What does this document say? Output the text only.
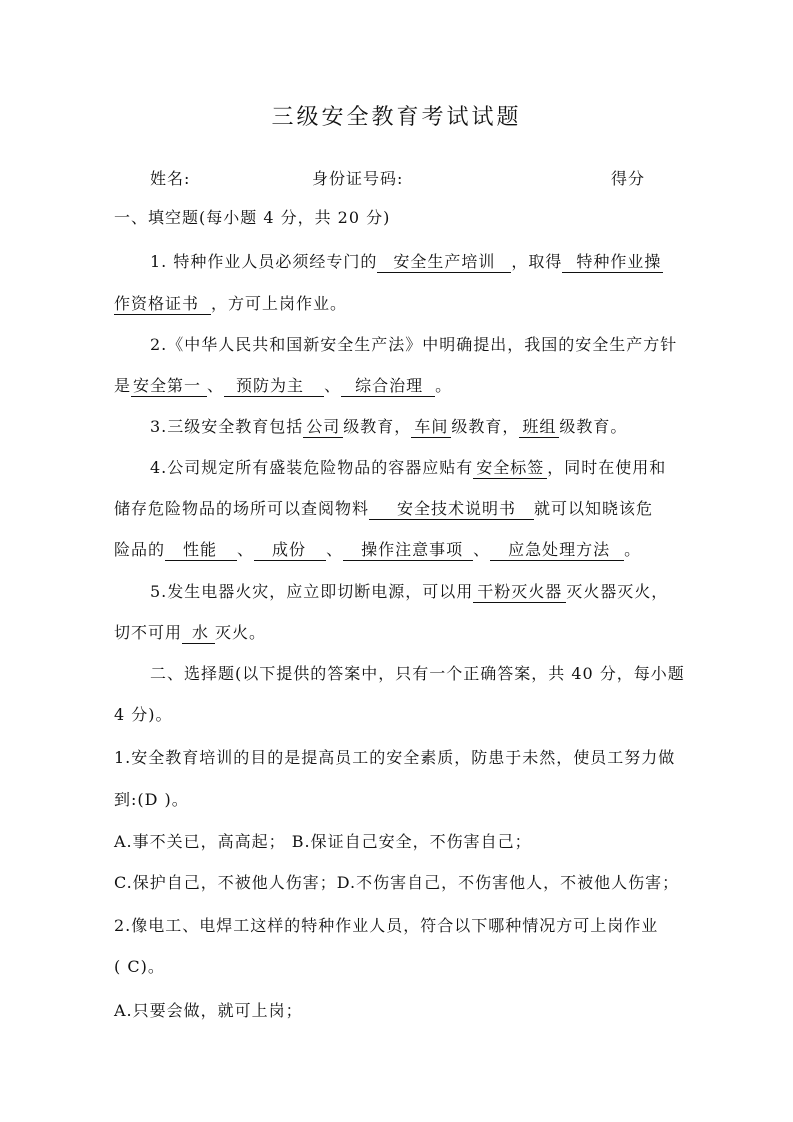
三级安全教育考试试题
姓名:	身份证号码:	得分
一、填空题(每小题 4 分，共 20 分)
1. 特种作业人员必须经专门的 安全生产培训 ，取得 特种作业操
作资格证书 ，方可上岗作业。
2.《中华人民共和国新安全生产法》中明确提出，我国的安全生产方针
是 安全第一 、 预防为主 、 综合治理 。
3.三级安全教育包括 公司 级教育， 车间 级教育， 班组 级教育。
4.公司规定所有盛装危险物品的容器应贴有 安全标签 ，同时在使用和
储存危险物品的场所可以查阅物料 安全技术说明书 就可以知晓该危
险品的 性能 、 成份 、 操作注意事项 、 应急处理方法 。
5.发生电器火灾，应立即切断电源，可以用 干粉灭火器 灭火器灭火，
切不可用 水 灭火。
二、选择题(以下提供的答案中，只有一个正确答案，共 40 分，每小题
4 分)。
1.安全教育培训的目的是提高员工的安全素质，防患于未然，使员工努力做
到:(D )。
A.事不关已，高高起； B.保证自己安全，不伤害自己；
C.保护自己，不被他人伤害；D.不伤害自己，不伤害他人，不被他人伤害；
2.像电工、电焊工这样的特种作业人员，符合以下哪种情况方可上岗作业
( C)。
A.只要会做，就可上岗；
